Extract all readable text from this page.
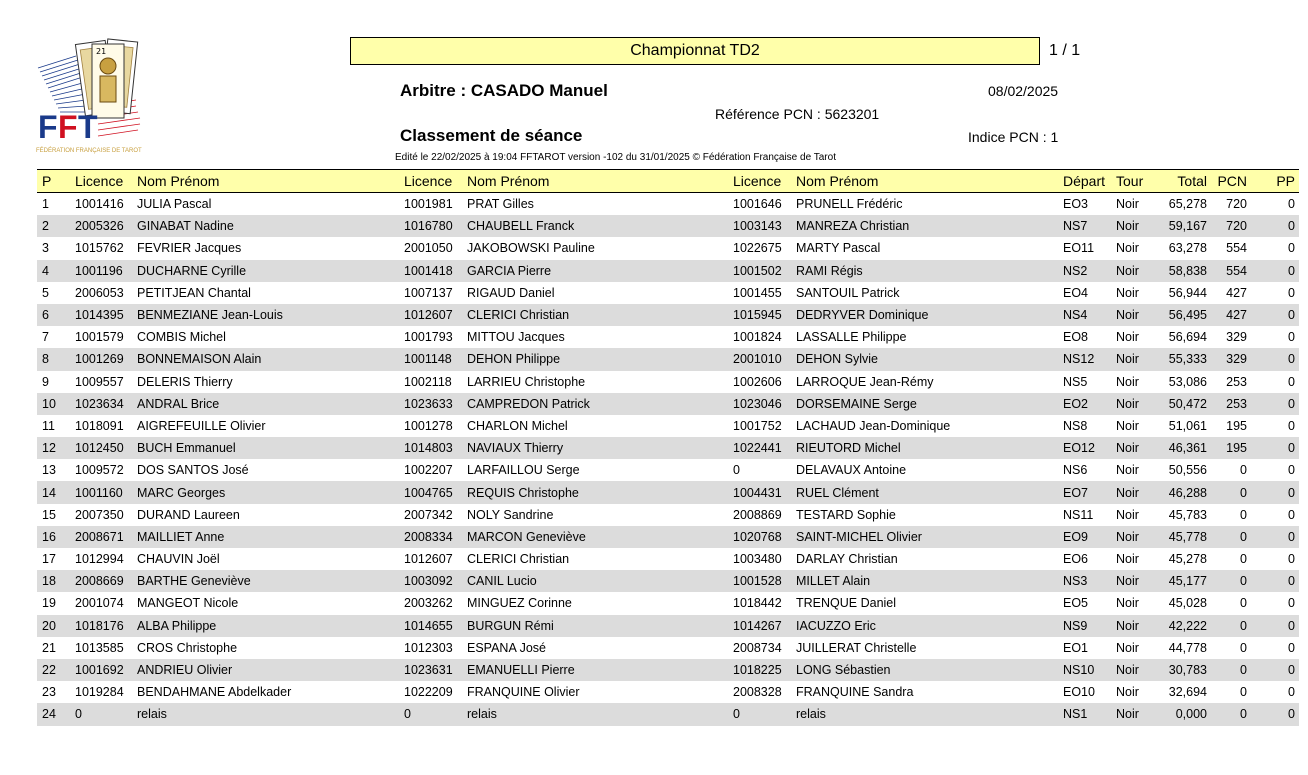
21
F F T
FÉDÉRATION FRANÇAISE DE TAROT
Championnat TD2	1 / 1
Arbitre : CASADO Manuel	08/02/2025
Référence PCN : 5623201
Classement de séance	Indice PCN : 1
Edité le 22/02/2025 à 19:04 FFTAROT version -102 du 31/01/2025 © Fédération Française de Tarot
P	Licence	Nom Prénom	Licence	Nom Prénom	Licence	Nom Prénom	Départ	Tour	Total	PCN	PP
1	1001416	JULIA Pascal	1001981	PRAT Gilles	1001646	PRUNELL Frédéric	EO3	Noir	65,278	720	0
2	2005326	GINABAT Nadine	1016780	CHAUBELL Franck	1003143	MANREZA Christian	NS7	Noir	59,167	720	0
3	1015762	FEVRIER Jacques	2001050	JAKOBOWSKI Pauline	1022675	MARTY Pascal	EO11	Noir	63,278	554	0
4	1001196	DUCHARNE Cyrille	1001418	GARCIA Pierre	1001502	RAMI Régis	NS2	Noir	58,838	554	0
5	2006053	PETITJEAN Chantal	1007137	RIGAUD Daniel	1001455	SANTOUIL Patrick	EO4	Noir	56,944	427	0
6	1014395	BENMEZIANE Jean-Louis	1012607	CLERICI Christian	1015945	DEDRYVER Dominique	NS4	Noir	56,495	427	0
7	1001579	COMBIS Michel	1001793	MITTOU Jacques	1001824	LASSALLE Philippe	EO8	Noir	56,694	329	0
8	1001269	BONNEMAISON Alain	1001148	DEHON Philippe	2001010	DEHON Sylvie	NS12	Noir	55,333	329	0
9	1009557	DELERIS Thierry	1002118	LARRIEU Christophe	1002606	LARROQUE Jean-Rémy	NS5	Noir	53,086	253	0
10	1023634	ANDRAL Brice	1023633	CAMPREDON Patrick	1023046	DORSEMAINE Serge	EO2	Noir	50,472	253	0
11	1018091	AIGREFEUILLE Olivier	1001278	CHARLON Michel	1001752	LACHAUD Jean-Dominique	NS8	Noir	51,061	195	0
12	1012450	BUCH Emmanuel	1014803	NAVIAUX Thierry	1022441	RIEUTORD Michel	EO12	Noir	46,361	195	0
13	1009572	DOS SANTOS José	1002207	LARFAILLOU Serge	0	DELAVAUX Antoine	NS6	Noir	50,556	0	0
14	1001160	MARC Georges	1004765	REQUIS Christophe	1004431	RUEL Clément	EO7	Noir	46,288	0	0
15	2007350	DURAND Laureen	2007342	NOLY Sandrine	2008869	TESTARD Sophie	NS11	Noir	45,783	0	0
16	2008671	MAILLIET Anne	2008334	MARCON Geneviève	1020768	SAINT-MICHEL Olivier	EO9	Noir	45,778	0	0
17	1012994	CHAUVIN Joël	1012607	CLERICI Christian	1003480	DARLAY Christian	EO6	Noir	45,278	0	0
18	2008669	BARTHE Geneviève	1003092	CANIL Lucio	1001528	MILLET Alain	NS3	Noir	45,177	0	0
19	2001074	MANGEOT Nicole	2003262	MINGUEZ Corinne	1018442	TRENQUE Daniel	EO5	Noir	45,028	0	0
20	1018176	ALBA Philippe	1014655	BURGUN Rémi	1014267	IACUZZO Eric	NS9	Noir	42,222	0	0
21	1013585	CROS Christophe	1012303	ESPANA José	2008734	JUILLERAT Christelle	EO1	Noir	44,778	0	0
22	1001692	ANDRIEU Olivier	1023631	EMANUELLI Pierre	1018225	LONG Sébastien	NS10	Noir	30,783	0	0
23	1019284	BENDAHMANE Abdelkader	1022209	FRANQUINE Olivier	2008328	FRANQUINE Sandra	EO10	Noir	32,694	0	0
24	0	relais	0	relais	0	relais	NS1	Noir	0,000	0	0
